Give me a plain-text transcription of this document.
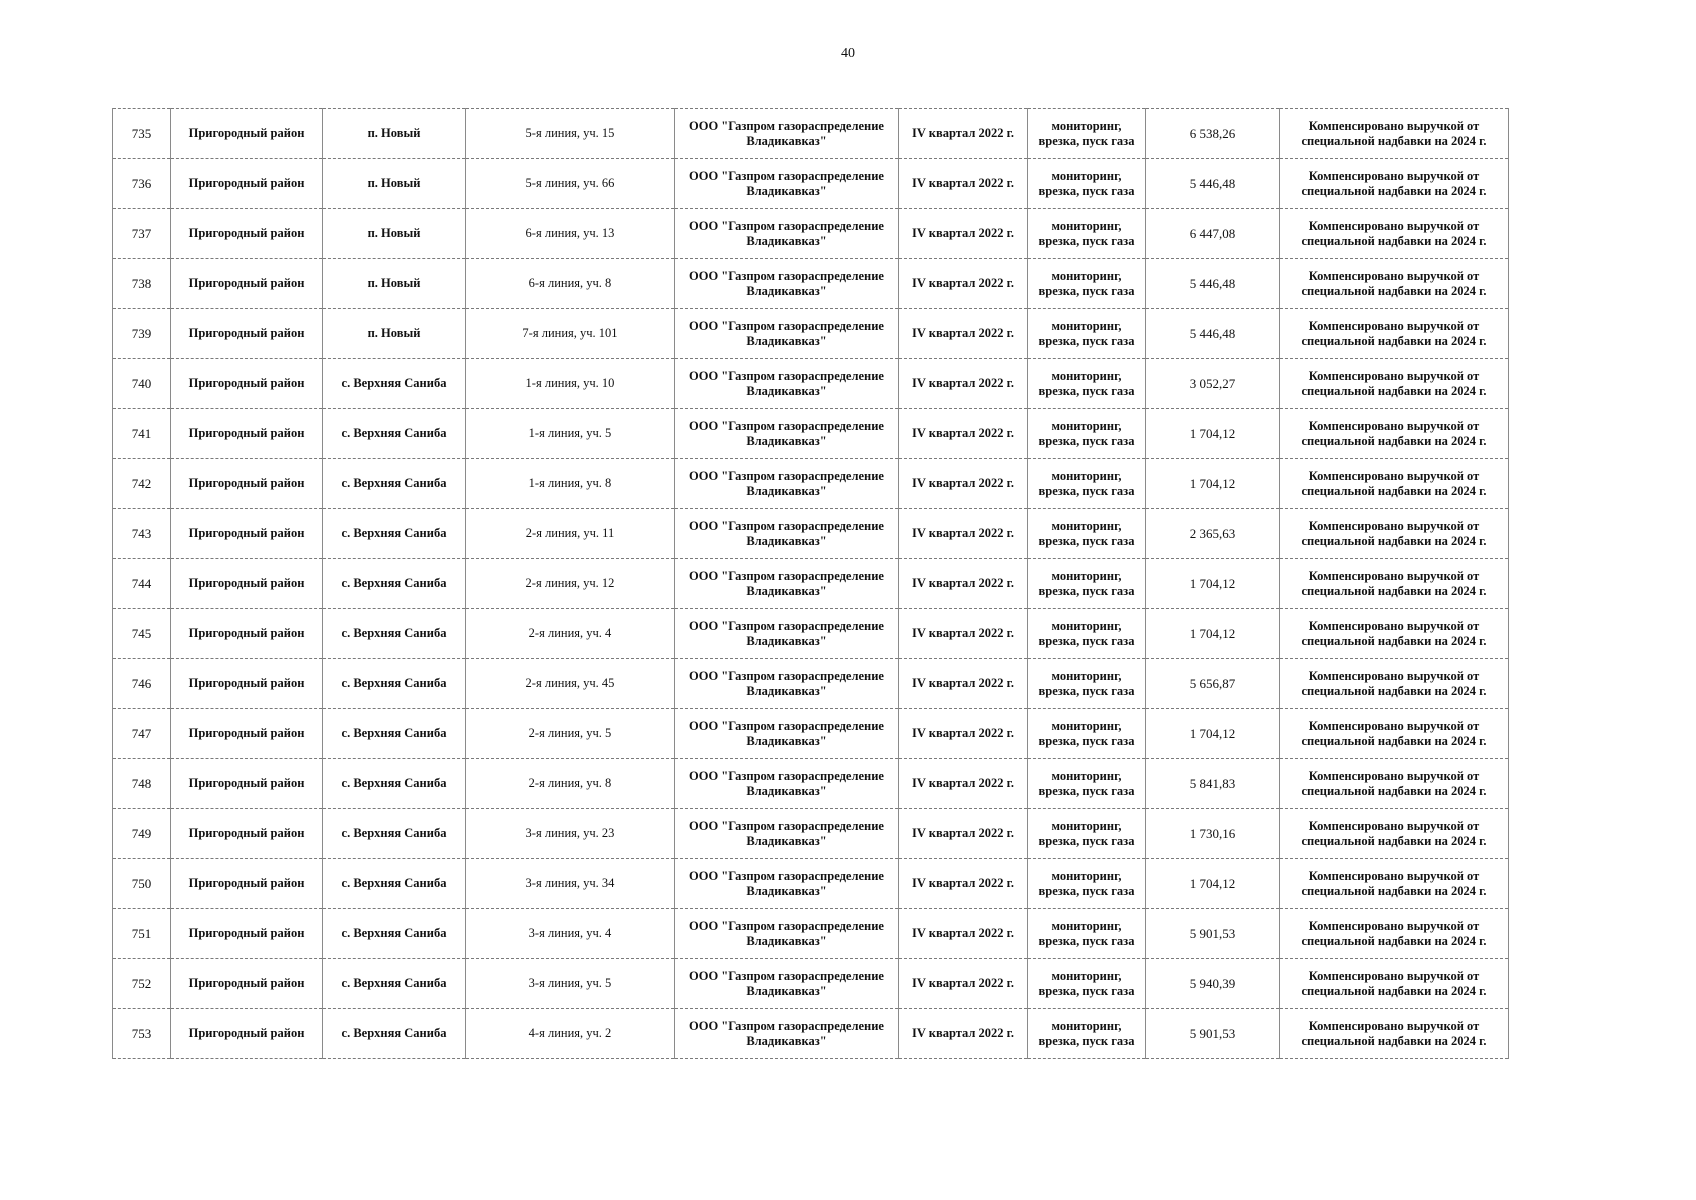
40
735	Пригородный район	п. Новый	5-я линия, уч. 15	ООО "Газпром газораспределение Владикавказ"	IV квартал 2022 г.	мониторинг, врезка, пуск газа	6 538,26	Компенсировано выручкой от специальной надбавки на 2024 г.
736	Пригородный район	п. Новый	5-я линия, уч. 66	ООО "Газпром газораспределение Владикавказ"	IV квартал 2022 г.	мониторинг, врезка, пуск газа	5 446,48	Компенсировано выручкой от специальной надбавки на 2024 г.
737	Пригородный район	п. Новый	6-я линия, уч. 13	ООО "Газпром газораспределение Владикавказ"	IV квартал 2022 г.	мониторинг, врезка, пуск газа	6 447,08	Компенсировано выручкой от специальной надбавки на 2024 г.
738	Пригородный район	п. Новый	6-я линия, уч. 8	ООО "Газпром газораспределение Владикавказ"	IV квартал 2022 г.	мониторинг, врезка, пуск газа	5 446,48	Компенсировано выручкой от специальной надбавки на 2024 г.
739	Пригородный район	п. Новый	7-я линия, уч. 101	ООО "Газпром газораспределение Владикавказ"	IV квартал 2022 г.	мониторинг, врезка, пуск газа	5 446,48	Компенсировано выручкой от специальной надбавки на 2024 г.
740	Пригородный район	с. Верхняя Саниба	1-я линия, уч. 10	ООО "Газпром газораспределение Владикавказ"	IV квартал 2022 г.	мониторинг, врезка, пуск газа	3 052,27	Компенсировано выручкой от специальной надбавки на 2024 г.
741	Пригородный район	с. Верхняя Саниба	1-я линия, уч. 5	ООО "Газпром газораспределение Владикавказ"	IV квартал 2022 г.	мониторинг, врезка, пуск газа	1 704,12	Компенсировано выручкой от специальной надбавки на 2024 г.
742	Пригородный район	с. Верхняя Саниба	1-я линия, уч. 8	ООО "Газпром газораспределение Владикавказ"	IV квартал 2022 г.	мониторинг, врезка, пуск газа	1 704,12	Компенсировано выручкой от специальной надбавки на 2024 г.
743	Пригородный район	с. Верхняя Саниба	2-я линия, уч. 11	ООО "Газпром газораспределение Владикавказ"	IV квартал 2022 г.	мониторинг, врезка, пуск газа	2 365,63	Компенсировано выручкой от специальной надбавки на 2024 г.
744	Пригородный район	с. Верхняя Саниба	2-я линия, уч. 12	ООО "Газпром газораспределение Владикавказ"	IV квартал 2022 г.	мониторинг, врезка, пуск газа	1 704,12	Компенсировано выручкой от специальной надбавки на 2024 г.
745	Пригородный район	с. Верхняя Саниба	2-я линия, уч. 4	ООО "Газпром газораспределение Владикавказ"	IV квартал 2022 г.	мониторинг, врезка, пуск газа	1 704,12	Компенсировано выручкой от специальной надбавки на 2024 г.
746	Пригородный район	с. Верхняя Саниба	2-я линия, уч. 45	ООО "Газпром газораспределение Владикавказ"	IV квартал 2022 г.	мониторинг, врезка, пуск газа	5 656,87	Компенсировано выручкой от специальной надбавки на 2024 г.
747	Пригородный район	с. Верхняя Саниба	2-я линия, уч. 5	ООО "Газпром газораспределение Владикавказ"	IV квартал 2022 г.	мониторинг, врезка, пуск газа	1 704,12	Компенсировано выручкой от специальной надбавки на 2024 г.
748	Пригородный район	с. Верхняя Саниба	2-я линия, уч. 8	ООО "Газпром газораспределение Владикавказ"	IV квартал 2022 г.	мониторинг, врезка, пуск газа	5 841,83	Компенсировано выручкой от специальной надбавки на 2024 г.
749	Пригородный район	с. Верхняя Саниба	3-я линия, уч. 23	ООО "Газпром газораспределение Владикавказ"	IV квартал 2022 г.	мониторинг, врезка, пуск газа	1 730,16	Компенсировано выручкой от специальной надбавки на 2024 г.
750	Пригородный район	с. Верхняя Саниба	3-я линия, уч. 34	ООО "Газпром газораспределение Владикавказ"	IV квартал 2022 г.	мониторинг, врезка, пуск газа	1 704,12	Компенсировано выручкой от специальной надбавки на 2024 г.
751	Пригородный район	с. Верхняя Саниба	3-я линия, уч. 4	ООО "Газпром газораспределение Владикавказ"	IV квартал 2022 г.	мониторинг, врезка, пуск газа	5 901,53	Компенсировано выручкой от специальной надбавки на 2024 г.
752	Пригородный район	с. Верхняя Саниба	3-я линия, уч. 5	ООО "Газпром газораспределение Владикавказ"	IV квартал 2022 г.	мониторинг, врезка, пуск газа	5 940,39	Компенсировано выручкой от специальной надбавки на 2024 г.
753	Пригородный район	с. Верхняя Саниба	4-я линия, уч. 2	ООО "Газпром газораспределение Владикавказ"	IV квартал 2022 г.	мониторинг, врезка, пуск газа	5 901,53	Компенсировано выручкой от специальной надбавки на 2024 г.
